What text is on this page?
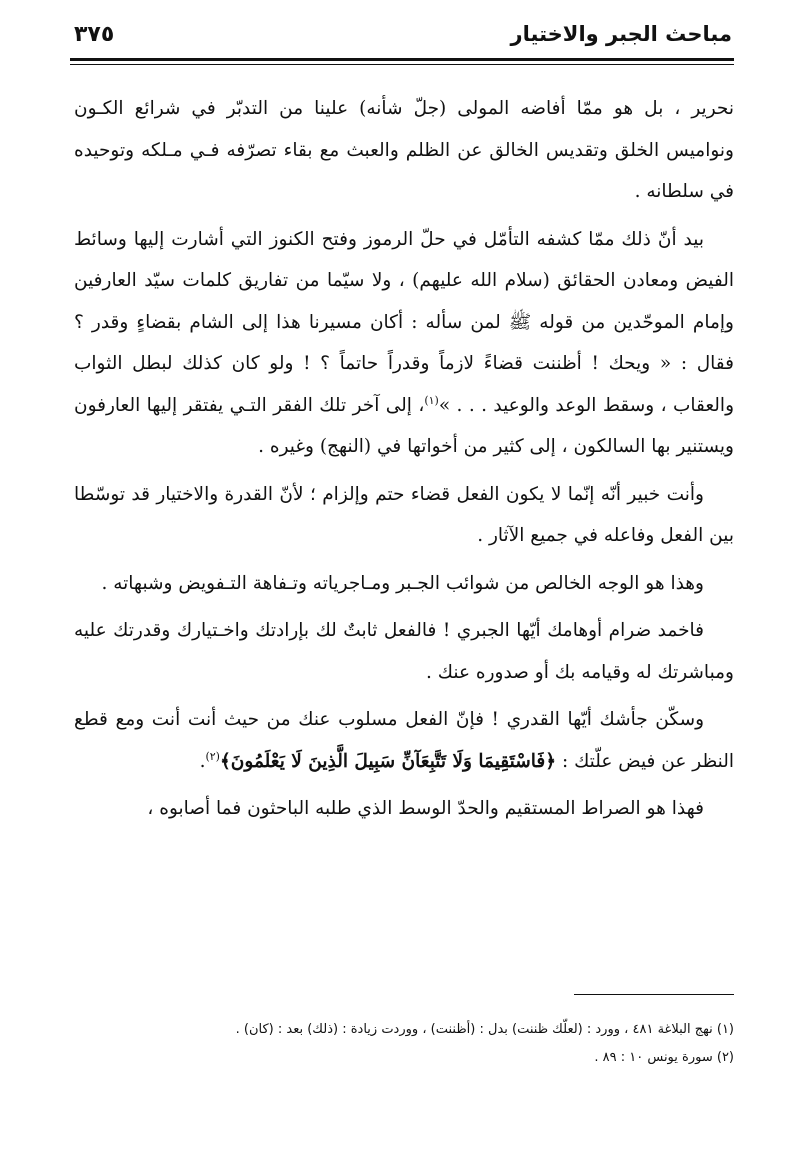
مباحث الجبر والاختيار
٣٧٥

نحرير ، بل هو ممّا أفاضه المولى (جلّ شأنه) علينا من التدبّر في شرائع الكـون ونواميس الخلق وتقديس الخالق عن الظلم والعبث مع بقاء تصرّفه فـي مـلكه وتوحيده في سلطانه .

بيد أنّ ذلك ممّا كشفه التأمّل في حلّ الرموز وفتح الكنوز التي أشارت إليها وسائط الفيض ومعادن الحقائق (سلام الله عليهم) ، ولا سيّما من تفاريق كلمات سيّد العارفين وإمام الموحّدين من قوله ﷺ لمن سأله : أكان مسيرنا هذا إلى الشام بقضاءٍ وقدر ؟ فقال : « ويحك ! أظننت قضاءً لازماً وقدراً حاتماً ؟ ! ولو كان كذلك لبطل الثواب والعقاب ، وسقط الوعد والوعيد . . . »$^{(١)}$، إلى آخر تلك الفقر التـي يفتقر إليها العارفون ويستنير بها السالكون ، إلى كثير من أخواتها في (النهج) وغيره .

وأنت خبير أنّه إنّما لا يكون الفعل قضاء حتم وإلزام ؛ لأنّ القدرة والاختيار قد توسّطا بين الفعل وفاعله في جميع الآثار .

وهذا هو الوجه الخالص من شوائب الجـبر ومـاجرياته وتـفاهة التـفويض وشبهاته .

فاخمد ضرام أوهامك أيّها الجبري ! فالفعل ثابتٌ لك بإرادتك واخـتيارك وقدرتك عليه ومباشرتك له وقيامه بك أو صدوره عنك .

وسكّن جأشك أيّها القدري ! فإنّ الفعل مسلوب عنك من حيث أنت أنت ومع قطع النظر عن فيض علّتك : ﴿فَاسْتَقِيمَا وَلَا تَتَّبِعَآنِّ سَبِيلَ الَّذِينَ لَا يَعْلَمُونَ﴾$^{(٢)}$.

فهذا هو الصراط المستقيم والحدّ الوسط الذي طلبه الباحثون فما أصابوه ،

(١) نهج البلاغة ٤٨١ ، وورد : (لعلّك ظننت) بدل : (أظننت) ، ووردت زيادة : (ذلك) بعد : (كان) .

(٢) سورة يونس ١٠ : ٨٩ .
